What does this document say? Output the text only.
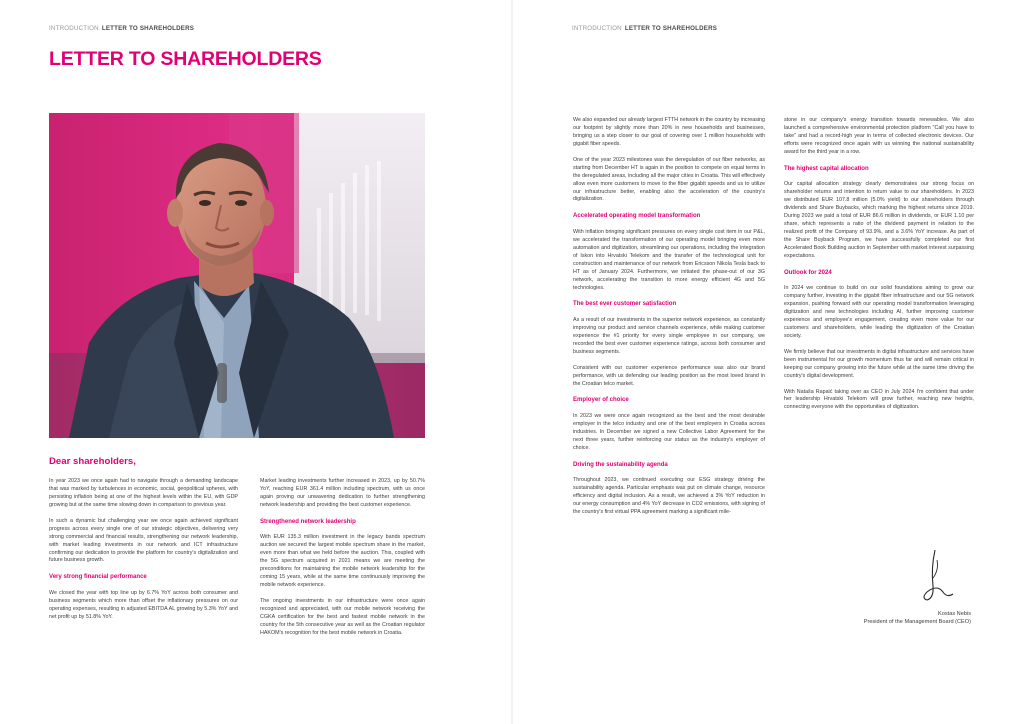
INTRODUCTION LETTER TO SHAREHOLDERS
LETTER TO SHAREHOLDERS
Dear shareholders,

In year 2023 we once again had to navigate through a demanding landscape that was marked by turbulences in economic, social, geopolitical spheres, with persisting inflation being at one of the highest levels within the EU, with GDP growing but at the same time slowing down in comparison to previous year.

In such a dynamic but challenging year we once again achieved significant progress across every single one of our strategic objectives, delivering very strong commercial and financial results, strengthening our network leadership, with market leading investments in our network and ICT infrastructure confirming our dedication to provide the platform for country's digitalization and future business growth.

Very strong financial performance

We closed the year with top line up by 6.7% YoY across both consumer and business segments which more than offset the inflationary pressures on our operating expenses, resulting in adjusted EBITDA AL growing by 5.3% YoY and net profit up by 51.8% YoY.

Market leading investments further increased in 2023, up by 50.7% YoY, reaching EUR 361.4 million including spectrum, with us once again proving our unwavering dedication to further strengthening network leadership and providing the best customer experience.

Strengthened network leadership

With EUR 135.3 million investment in the legacy bands spectrum auction we secured the largest mobile spectrum share in the market, even more than what we held before the auction. This, coupled with the 5G spectrum acquired in 2021 means we are meeting the preconditions for maintaining the mobile network leadership for the coming 15 years, while at the same time continuously improving the mobile network experience.

The ongoing investments in our infrastructure were once again recognized and appreciated, with our mobile network receiving the CGKA certification for the best and fastest mobile network in the country for the 5th consecutive year as well as the Croatian regulator HAKOM's recognition for the best mobile network in Croatia.

INTRODUCTION LETTER TO SHAREHOLDERS

We also expanded our already largest FTTH network in the country by increasing our footprint by slightly more than 20% in new households and businesses, bringing us a step closer to our goal of covering over 1 million households with gigabit fiber speeds.

One of the year 2023 milestones was the deregulation of our fiber networks, as starting from December HT is again in the position to compete on equal terms in the deregulated areas, including all the major cities in Croatia. This will effectively allow even more customers to move to the fiber gigabit speeds and us to utilize our infrastructure better, enabling also the acceleration of the country's digitalization.

Accelerated operating model transformation

With inflation bringing significant pressures on every single cost item in our P&L, we accelerated the transformation of our operating model bringing even more automation and digitization, streamlining our operations, including the integration of Iskon into Hrvatski Telekom and the transfer of the technological unit for construction and maintenance of our network from Ericsson Nikola Tesla back to HT as of January 2024. Furthermore, we initiated the phase-out of our 3G network, accelerating the transition to more energy efficient 4G and 5G technologies.

The best ever customer satisfaction

As a result of our investments in the superior network experience, as constantly improving our product and service channels experience, while making customer experience the #1 priority for every single employee in our company, we recorded the best ever customer experience ratings, across both consumer and business segments.

Consistent with our customer experience performance was also our brand performance, with us defending our leading position as the most loved brand in the Croatian telco market.

Employer of choice

In 2023 we were once again recognized as the best and the most desirable employer in the telco industry and one of the best employers in Croatia across industries. In December we signed a new Collective Labor Agreement for the next three years, further reinforcing our status as the industry's employer of choice.

Driving the sustainability agenda

Throughout 2023, we continued executing our ESG strategy driving the sustainability agenda. Particular emphasis was put on climate change, resource efficiency and digital inclusion. As a result, we achieved a 3% YoY reduction in our energy consumption and 4% YoY decrease in CO2 emissions, with signing of the country's first virtual PPA agreement marking a significant mile-

stone in our company's energy transition towards renewables. We also launched a comprehensive environmental protection platform "Call you have to take" and had a record-high year in terms of collected electronic devices. Our efforts were recognized once again with us winning the national sustainability award for the third year in a row.

The highest capital allocation

Our capital allocation strategy clearly demonstrates our strong focus on shareholder returns and intention to return value to our shareholders. In 2023 we distributed EUR 107.8 million (5.0% yield) to our shareholders through dividends and Share Buybacks, which marking the highest returns since 2019. During 2023 we paid a total of EUR 86.6 million in dividends, or EUR 1.10 per share, which represents a ratio of the dividend payment in relation to the realized profit of the Company of 93.9%, and a 3.6% YoY increase. As part of the Share Buyback Program, we have successfully completed our first Accelerated Book Building auction in September with market interest surpassing expectations.

Outlook for 2024

In 2024 we continue to build on our solid foundations aiming to grow our company further, investing in the gigabit fiber infrastructure and our 5G network expansion, pushing forward with our operating model transformation leveraging digitization and new technologies including AI, further improving customer experience and employee's engagement, creating even more value for our customers and shareholders, while leading the digitization of the Croatian society.

We firmly believe that our investments in digital infrastructure and services have been instrumental for our growth momentum thus far and will remain critical in keeping our company growing into the future while at the same time driving the country's digital development.

With Nataša Rapaić taking over as CEO in July 2024 I'm confident that under her leadership Hrvatski Telekom will grow further, reaching new heights, connecting everyone with the opportunities of digitization.

Kostas Nebis
President of the Management Board (CEO)
